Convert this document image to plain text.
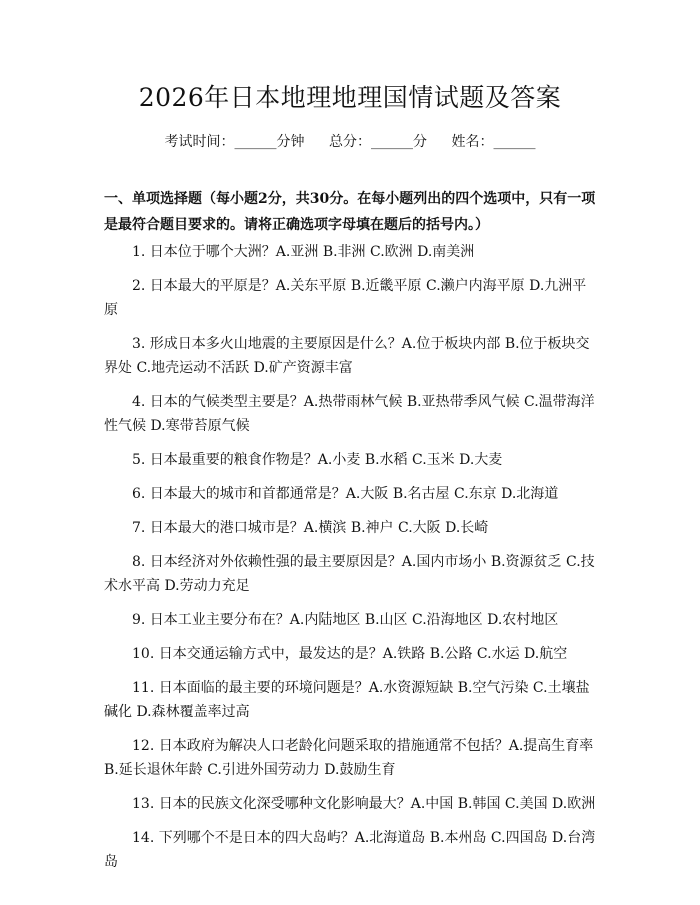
2026年日本地理地理国情试题及答案
考试时间：______分钟 总分：______分 姓名：______
一、单项选择题（每小题2分，共30分。在每小题列出的四个选项中，只有一项是最符合题目要求的。请将正确选项字母填在题后的括号内。）
1. 日本位于哪个大洲？A.亚洲 B.非洲 C.欧洲 D.南美洲
2. 日本最大的平原是？A.关东平原 B.近畿平原 C.濑户内海平原 D.九洲平原
3. 形成日本多火山地震的主要原因是什么？A.位于板块内部 B.位于板块交界处 C.地壳运动不活跃 D.矿产资源丰富
4. 日本的气候类型主要是？A.热带雨林气候 B.亚热带季风气候 C.温带海洋性气候 D.寒带苔原气候
5. 日本最重要的粮食作物是？A.小麦 B.水稻 C.玉米 D.大麦
6. 日本最大的城市和首都通常是？A.大阪 B.名古屋 C.东京 D.北海道
7. 日本最大的港口城市是？A.横滨 B.神户 C.大阪 D.长崎
8. 日本经济对外依赖性强的最主要原因是？A.国内市场小 B.资源贫乏 C.技术水平高 D.劳动力充足
9. 日本工业主要分布在？A.内陆地区 B.山区 C.沿海地区 D.农村地区
10. 日本交通运输方式中，最发达的是？A.铁路 B.公路 C.水运 D.航空
11. 日本面临的最主要的环境问题是？A.水资源短缺 B.空气污染 C.土壤盐碱化 D.森林覆盖率过高
12. 日本政府为解决人口老龄化问题采取的措施通常不包括？A.提高生育率 B.延长退休年龄 C.引进外国劳动力 D.鼓励生育
13. 日本的民族文化深受哪种文化影响最大？A.中国 B.韩国 C.美国 D.欧洲
14. 下列哪个不是日本的四大岛屿？A.北海道岛 B.本州岛 C.四国岛 D.台湾岛
